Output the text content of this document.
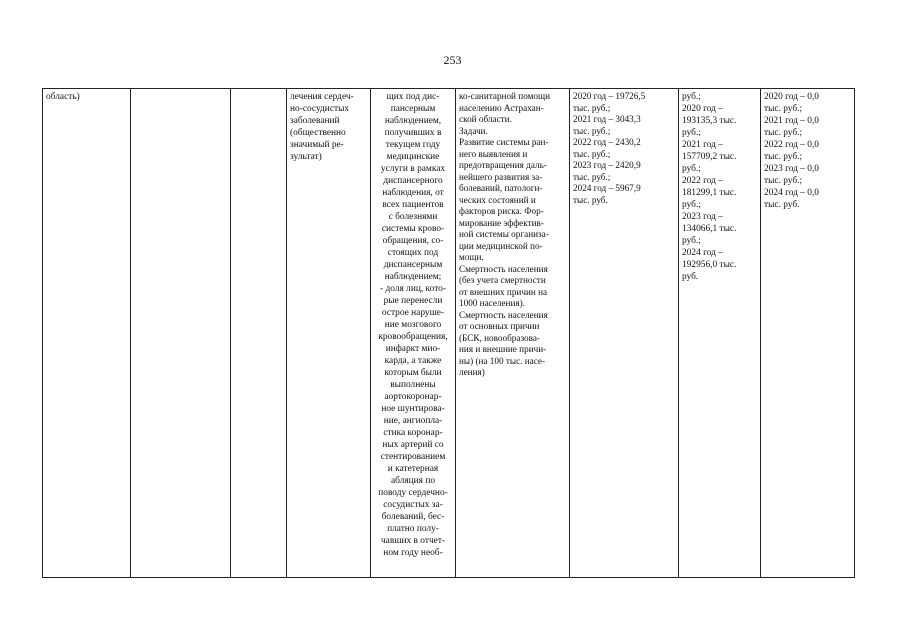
253
область)			лечения сердеч-
но-сосудистых
заболеваний
(общественно
значимый ре-
зультат)	щих под дис-
пансерным
наблюдением,
получивших в
текущем году
медицинские
услуги в рамках
диспансерного
наблюдения, от
всех пациентов
с болезнями
системы крово-
обращения, со-
стоящих под
диспансерным
наблюдением;
- доля лиц, кото-
рые перенесли
острое наруше-
ние мозгового
кровообращения,
инфаркт мио-
карда, а также
которым были
выполнены
аортокоронар-
ное шунтирова-
ние, ангиопла-
стика коронар-
ных артерий со
стентированием
и катетерная
абляция по
поводу сердечно-
сосудистых за-
болеваний, бес-
платно полу-
чавших в отчет-
ном году необ-	ко-санитарной помощи
населению Астрахан-
ской области.
Задачи.
Развитие системы ран-
него выявления и
предотвращения даль-
нейшего развития за-
болеваний, патологи-
ческих состояний и
факторов риска. Фор-
мирование эффектив-
ной системы организа-
ции медицинской по-
мощи.
Смертность населения
(без учета смертности
от внешних причин на
1000 населения).
Смертность населения
от основных причин
(БСК, новообразова-
ния и внешние причи-
ны) (на 100 тыс. насе-
ления)	2020 год – 19726,5
тыс. руб.;
2021 год – 3043,3
тыс. руб.;
2022 год – 2430,2
тыс. руб.;
2023 год – 2420,9
тыс. руб.;
2024 год – 5967,9
тыс. руб.	руб.;
2020 год –
193135,3 тыс.
руб.;
2021 год –
157709,2 тыс.
руб.;
2022 год –
181299,1 тыс.
руб.;
2023 год –
134066,1 тыс.
руб.;
2024 год –
192956,0 тыс.
руб.	2020 год – 0,0
тыс. руб.;
2021 год – 0,0
тыс. руб.;
2022 год – 0,0
тыс. руб.;
2023 год – 0,0
тыс. руб.;
2024 год – 0,0
тыс. руб.
